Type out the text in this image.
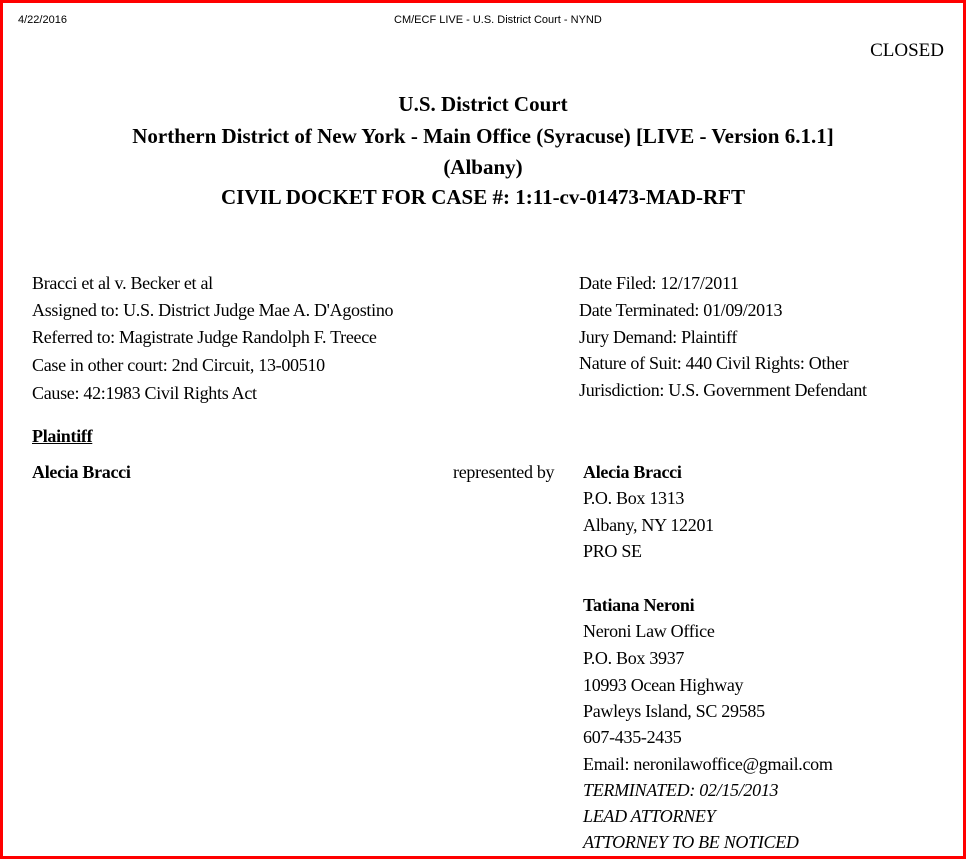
4/22/2016	CM/ECF LIVE - U.S. District Court - NYND
CLOSED
U.S. District Court
Northern District of New York - Main Office (Syracuse) [LIVE - Version 6.1.1]
(Albany)
CIVIL DOCKET FOR CASE #: 1:11-cv-01473-MAD-RFT
Bracci et al v. Becker et al
Assigned to: U.S. District Judge Mae A. D'Agostino
Referred to: Magistrate Judge Randolph F. Treece
Case in other court: 2nd Circuit, 13-00510
Cause: 42:1983 Civil Rights Act
Date Filed: 12/17/2011
Date Terminated: 01/09/2013
Jury Demand: Plaintiff
Nature of Suit: 440 Civil Rights: Other
Jurisdiction: U.S. Government Defendant
Plaintiff
Alecia Bracci	represented by Alecia Bracci
P.O. Box 1313
Albany, NY 12201
PRO SE
Tatiana Neroni
Neroni Law Office
P.O. Box 3937
10993 Ocean Highway
Pawleys Island, SC 29585
607-435-2435
Email: neronilawoffice@gmail.com
TERMINATED: 02/15/2013
LEAD ATTORNEY
ATTORNEY TO BE NOTICED
